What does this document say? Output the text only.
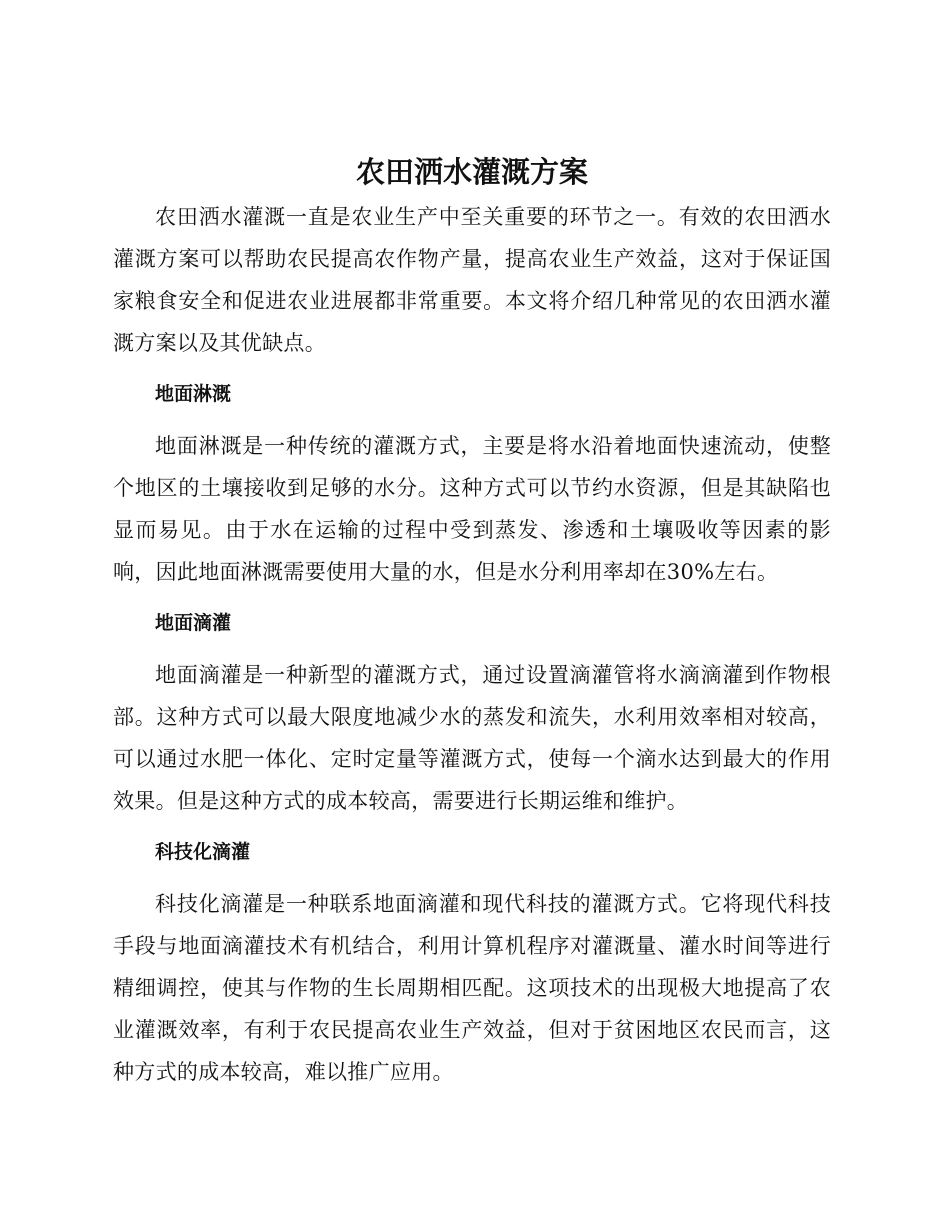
农田洒水灌溉方案

农田洒水灌溉一直是农业生产中至关重要的环节之一。有效的农田洒水灌溉方案可以帮助农民提高农作物产量，提高农业生产效益，这对于保证国家粮食安全和促进农业进展都非常重要。本文将介绍几种常见的农田洒水灌溉方案以及其优缺点。

地面淋溉

地面淋溉是一种传统的灌溉方式，主要是将水沿着地面快速流动，使整个地区的土壤接收到足够的水分。这种方式可以节约水资源，但是其缺陷也显而易见。由于水在运输的过程中受到蒸发、渗透和土壤吸收等因素的影响，因此地面淋溉需要使用大量的水，但是水分利用率却在30%左右。

地面滴灌

地面滴灌是一种新型的灌溉方式，通过设置滴灌管将水滴滴灌到作物根部。这种方式可以最大限度地减少水的蒸发和流失，水利用效率相对较高，可以通过水肥一体化、定时定量等灌溉方式，使每一个滴水达到最大的作用效果。但是这种方式的成本较高，需要进行长期运维和维护。

科技化滴灌

科技化滴灌是一种联系地面滴灌和现代科技的灌溉方式。它将现代科技手段与地面滴灌技术有机结合，利用计算机程序对灌溉量、灌水时间等进行精细调控，使其与作物的生长周期相匹配。这项技术的出现极大地提高了农业灌溉效率，有利于农民提高农业生产效益，但对于贫困地区农民而言，这种方式的成本较高，难以推广应用。
